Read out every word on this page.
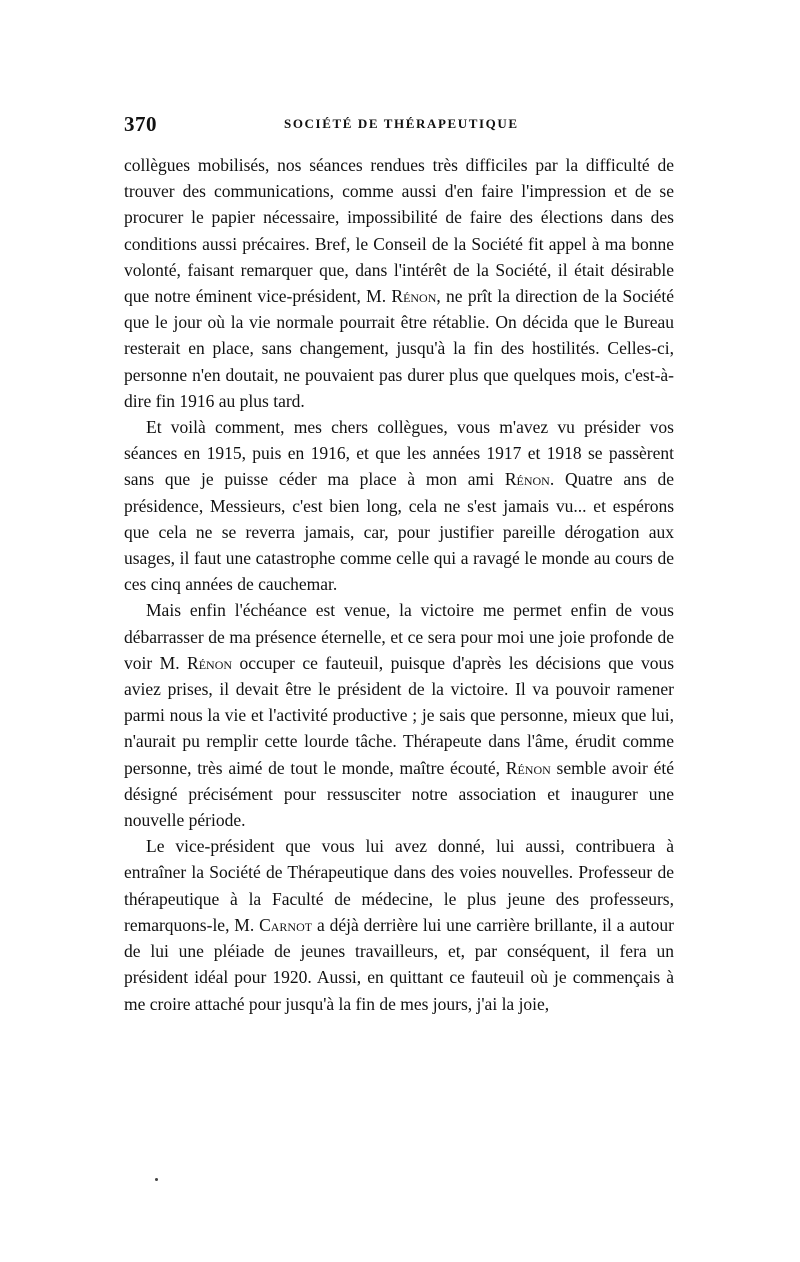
370	SOCIÉTÉ DE THÉRAPEUTIQUE

collègues mobilisés, nos séances rendues très difficiles par la difficulté de trouver des communications, comme aussi d'en faire l'impression et de se procurer le papier nécessaire, impossibilité de faire des élections dans des conditions aussi précaires. Bref, le Conseil de la Société fit appel à ma bonne volonté, faisant remarquer que, dans l'intérêt de la Société, il était désirable que notre éminent vice-président, M. Rénon, ne prît la direction de la Société que le jour où la vie normale pourrait être rétablie. On décida que le Bureau resterait en place, sans changement, jusqu'à la fin des hostilités. Celles-ci, personne n'en doutait, ne pouvaient pas durer plus que quelques mois, c'est-à-dire fin 1916 au plus tard.

Et voilà comment, mes chers collègues, vous m'avez vu présider vos séances en 1915, puis en 1916, et que les années 1917 et 1918 se passèrent sans que je puisse céder ma place à mon ami Rénon. Quatre ans de présidence, Messieurs, c'est bien long, cela ne s'est jamais vu... et espérons que cela ne se reverra jamais, car, pour justifier pareille dérogation aux usages, il faut une catastrophe comme celle qui a ravagé le monde au cours de ces cinq années de cauchemar.

Mais enfin l'échéance est venue, la victoire me permet enfin de vous débarrasser de ma présence éternelle, et ce sera pour moi une joie profonde de voir M. Rénon occuper ce fauteuil, puisque d'après les décisions que vous aviez prises, il devait être le président de la victoire. Il va pouvoir ramener parmi nous la vie et l'activité productive ; je sais que personne, mieux que lui, n'aurait pu remplir cette lourde tâche. Thérapeute dans l'âme, érudit comme personne, très aimé de tout le monde, maître écouté, Rénon semble avoir été désigné précisément pour ressusciter notre association et inaugurer une nouvelle période.

Le vice-président que vous lui avez donné, lui aussi, contribuera à entraîner la Société de Thérapeutique dans des voies nouvelles. Professeur de thérapeutique à la Faculté de médecine, le plus jeune des professeurs, remarquons-le, M. Carnot a déjà derrière lui une carrière brillante, il a autour de lui une pléiade de jeunes travailleurs, et, par conséquent, il fera un président idéal pour 1920. Aussi, en quittant ce fauteuil où je commençais à me croire attaché pour jusqu'à la fin de mes jours, j'ai la joie,
